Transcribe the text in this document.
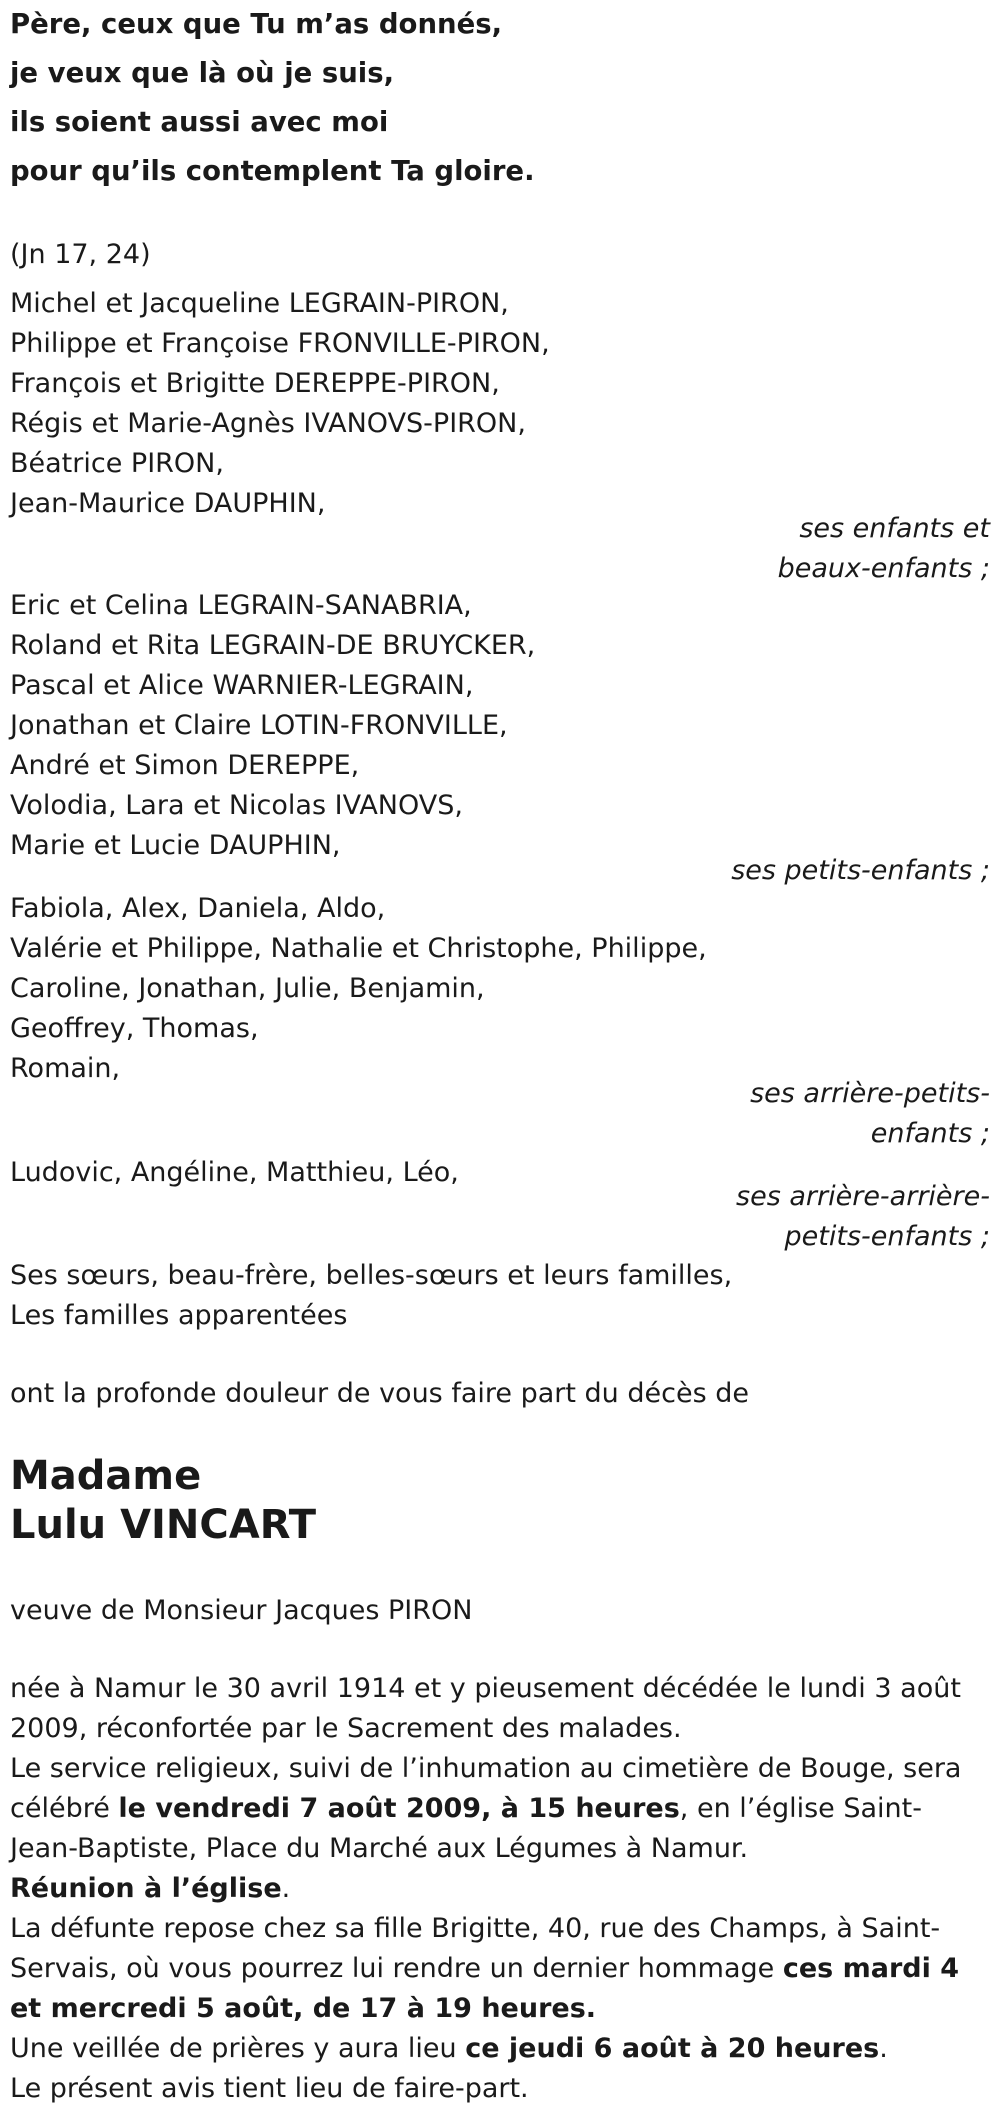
Père, ceux que Tu m’as donnés,
je veux que là où je suis,
ils soient aussi avec moi
pour qu’ils contemplent Ta gloire.
(Jn 17, 24)
Michel et Jacqueline LEGRAIN-PIRON,
Philippe et Françoise FRONVILLE-PIRON,
François et Brigitte DEREPPE-PIRON,
Régis et Marie-Agnès IVANOVS-PIRON,
Béatrice PIRON,
Jean-Maurice DAUPHIN,
ses enfants et
beaux-enfants ;
Eric et Celina LEGRAIN-SANABRIA,
Roland et Rita LEGRAIN-DE BRUYCKER,
Pascal et Alice WARNIER-LEGRAIN,
Jonathan et Claire LOTIN-FRONVILLE,
André et Simon DEREPPE,
Volodia, Lara et Nicolas IVANOVS,
Marie et Lucie DAUPHIN,
ses petits-enfants ;
Fabiola, Alex, Daniela, Aldo,
Valérie et Philippe, Nathalie et Christophe, Philippe,
Caroline, Jonathan, Julie, Benjamin,
Geoffrey, Thomas,
Romain,
ses arrière-petits-
enfants ;
Ludovic, Angéline, Matthieu, Léo,
ses arrière-arrière-
petits-enfants ;
Ses sœurs, beau-frère, belles-sœurs et leurs familles,
Les familles apparentées
ont la profonde douleur de vous faire part du décès de
Madame
Lulu VINCART
veuve de Monsieur Jacques PIRON
née à Namur le 30 avril 1914 et y pieusement décédée le lundi 3 août 2009, réconfortée par le Sacrement des malades.
Le service religieux, suivi de l’inhumation au cimetière de Bouge, sera célébré le vendredi 7 août 2009, à 15 heures, en l’église Saint-Jean-Baptiste, Place du Marché aux Légumes à Namur.
Réunion à l’église.
La défunte repose chez sa fille Brigitte, 40, rue des Champs, à Saint-Servais, où vous pourrez lui rendre un dernier hommage ces mardi 4 et mercredi 5 août, de 17 à 19 heures.
Une veillée de prières y aura lieu ce jeudi 6 août à 20 heures.
Le présent avis tient lieu de faire-part.
